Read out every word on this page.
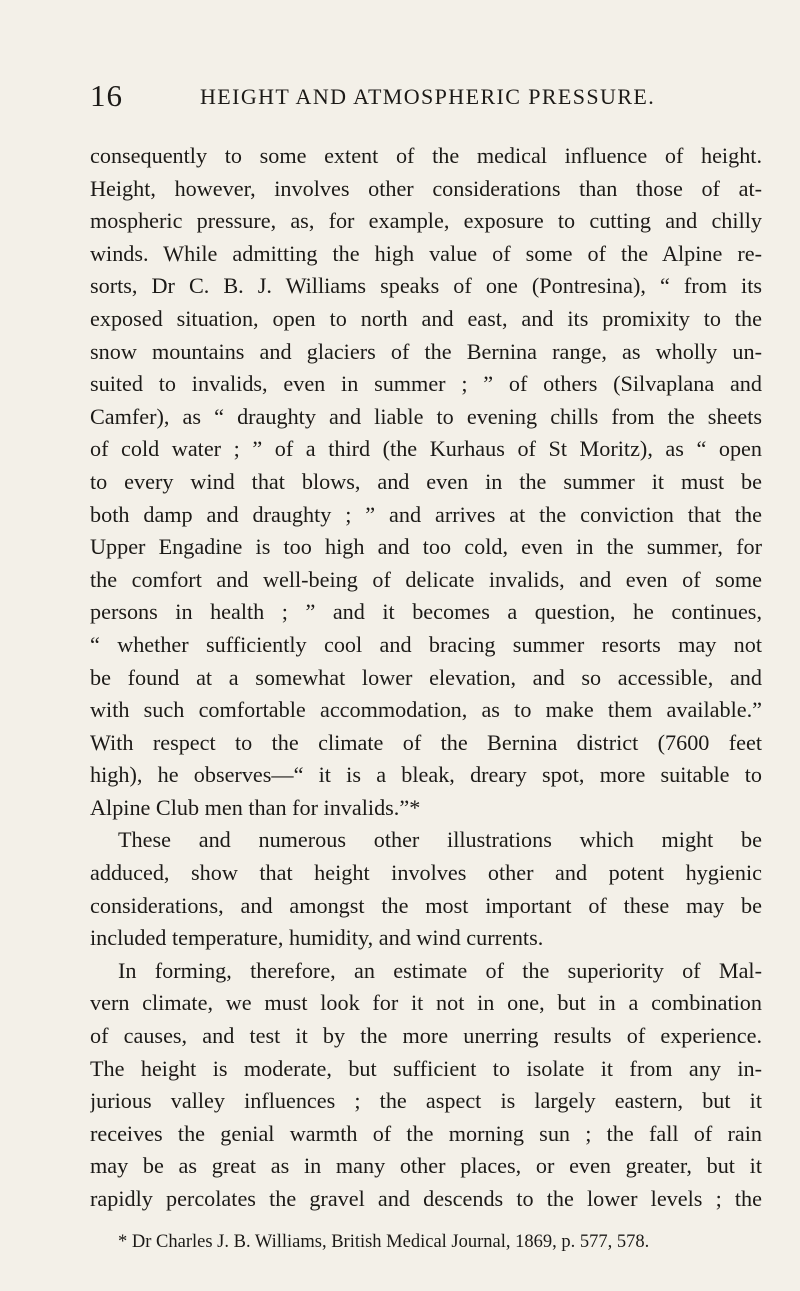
16	HEIGHT AND ATMOSPHERIC PRESSURE.
consequently to some extent of the medical influence of height.
Height, however, involves other considerations than those of at-
mospheric pressure, as, for example, exposure to cutting and chilly
winds. While admitting the high value of some of the Alpine re-
sorts, Dr C. B. J. Williams speaks of one (Pontresina), “ from its
exposed situation, open to north and east, and its promixity to the
snow mountains and glaciers of the Bernina range, as wholly un-
suited to invalids, even in summer ; ” of others (Silvaplana and
Camfer), as “ draughty and liable to evening chills from the sheets
of cold water ; ” of a third (the Kurhaus of St Moritz), as “ open
to every wind that blows, and even in the summer it must be
both damp and draughty ; ” and arrives at the conviction that the
Upper Engadine is too high and too cold, even in the summer, for
the comfort and well-being of delicate invalids, and even of some
persons in health ; ” and it becomes a question, he continues,
“ whether sufficiently cool and bracing summer resorts may not
be found at a somewhat lower elevation, and so accessible, and
with such comfortable accommodation, as to make them available.”
With respect to the climate of the Bernina district (7600 feet
high), he observes—“ it is a bleak, dreary spot, more suitable to
Alpine Club men than for invalids.”*
These and numerous other illustrations which might be
adduced, show that height involves other and potent hygienic
considerations, and amongst the most important of these may be
included temperature, humidity, and wind currents.
In forming, therefore, an estimate of the superiority of Mal-
vern climate, we must look for it not in one, but in a combination
of causes, and test it by the more unerring results of experience.
The height is moderate, but sufficient to isolate it from any in-
jurious valley influences ; the aspect is largely eastern, but it
receives the genial warmth of the morning sun ; the fall of rain
may be as great as in many other places, or even greater, but it
rapidly percolates the gravel and descends to the lower levels ; the
* Dr Charles J. B. Williams, British Medical Journal, 1869, p. 577, 578.
